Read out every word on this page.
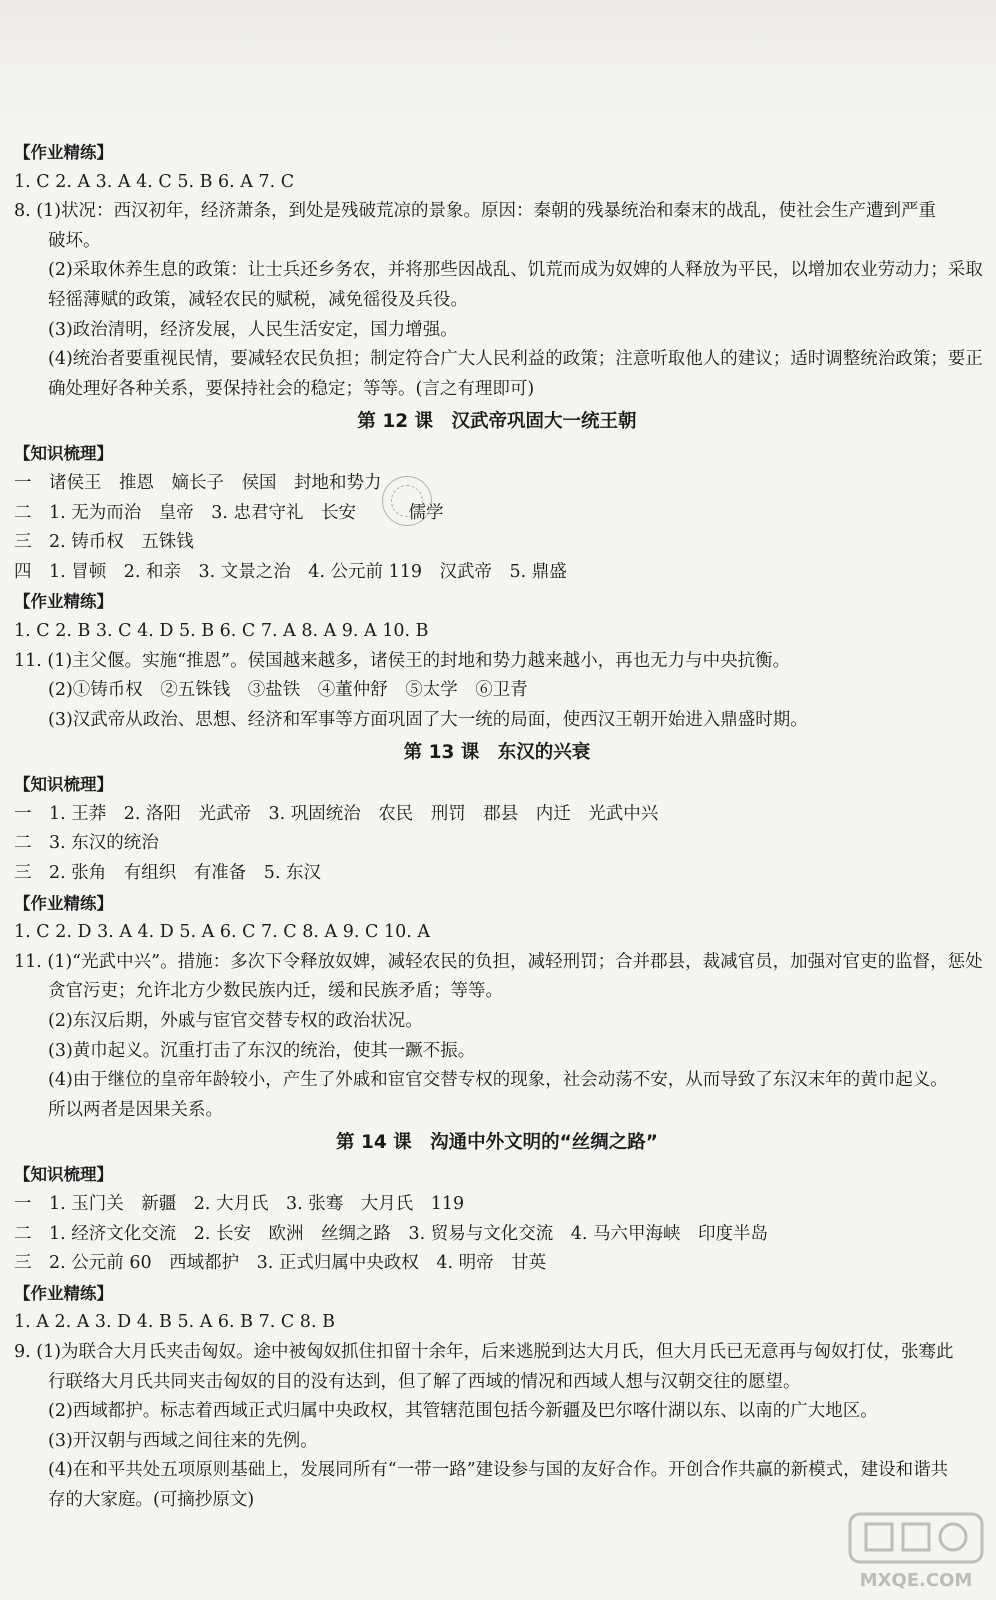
【作业精练】
1. C 2. A 3. A 4. C 5. B 6. A 7. C
8. (1)状况：西汉初年，经济萧条，到处是残破荒凉的景象。原因：秦朝的残暴统治和秦末的战乱，使社会生产遭到严重
破坏。
(2)采取休养生息的政策：让士兵还乡务农，并将那些因战乱、饥荒而成为奴婢的人释放为平民，以增加农业劳动力；采取
轻徭薄赋的政策，减轻农民的赋税，减免徭役及兵役。
(3)政治清明，经济发展，人民生活安定，国力增强。
(4)统治者要重视民情，要减轻农民负担；制定符合广大人民利益的政策；注意听取他人的建议；适时调整统治政策；要正
确处理好各种关系，要保持社会的稳定；等等。(言之有理即可)
第 12 课　汉武帝巩固大一统王朝
【知识梳理】
一　诸侯王　推恩　嫡长子　侯国　封地和势力
二　1. 无为而治　皇帝　3. 忠君守礼　长安　　　儒学
三　2. 铸币权　五铢钱
四　1. 冒顿　2. 和亲　3. 文景之治　4. 公元前 119　汉武帝　5. 鼎盛
【作业精练】
1. C 2. B 3. C 4. D 5. B 6. C 7. A 8. A 9. A 10. B
11. (1)主父偃。实施“推恩”。侯国越来越多，诸侯王的封地和势力越来越小，再也无力与中央抗衡。
(2)①铸币权　②五铢钱　③盐铁　④董仲舒　⑤太学　⑥卫青
(3)汉武帝从政治、思想、经济和军事等方面巩固了大一统的局面，使西汉王朝开始进入鼎盛时期。
第 13 课　东汉的兴衰
【知识梳理】
一　1. 王莽　2. 洛阳　光武帝　3. 巩固统治　农民　刑罚　郡县　内迁　光武中兴
二　3. 东汉的统治
三　2. 张角　有组织　有准备　5. 东汉
【作业精练】
1. C 2. D 3. A 4. D 5. A 6. C 7. C 8. A 9. C 10. A
11. (1)“光武中兴”。措施：多次下令释放奴婢，减轻农民的负担，减轻刑罚；合并郡县，裁减官员，加强对官吏的监督，惩处
贪官污吏；允许北方少数民族内迁，缓和民族矛盾；等等。
(2)东汉后期，外戚与宦官交替专权的政治状况。
(3)黄巾起义。沉重打击了东汉的统治，使其一蹶不振。
(4)由于继位的皇帝年龄较小，产生了外戚和宦官交替专权的现象，社会动荡不安，从而导致了东汉末年的黄巾起义。
所以两者是因果关系。
第 14 课　沟通中外文明的“丝绸之路”
【知识梳理】
一　1. 玉门关　新疆　2. 大月氏　3. 张骞　大月氏　119
二　1. 经济文化交流　2. 长安　欧洲　丝绸之路　3. 贸易与文化交流　4. 马六甲海峡　印度半岛
三　2. 公元前 60　西域都护　3. 正式归属中央政权　4. 明帝　甘英
【作业精练】
1. A 2. A 3. D 4. B 5. A 6. B 7. C 8. B
9. (1)为联合大月氏夹击匈奴。途中被匈奴抓住扣留十余年，后来逃脱到达大月氏，但大月氏已无意再与匈奴打仗，张骞此
行联络大月氏共同夹击匈奴的目的没有达到，但了解了西域的情况和西域人想与汉朝交往的愿望。
(2)西域都护。标志着西域正式归属中央政权，其管辖范围包括今新疆及巴尔喀什湖以东、以南的广大地区。
(3)开汉朝与西域之间往来的先例。
(4)在和平共处五项原则基础上，发展同所有“一带一路”建设参与国的友好合作。开创合作共赢的新模式，建设和谐共
存的大家庭。(可摘抄原文)
MXQE.COM
